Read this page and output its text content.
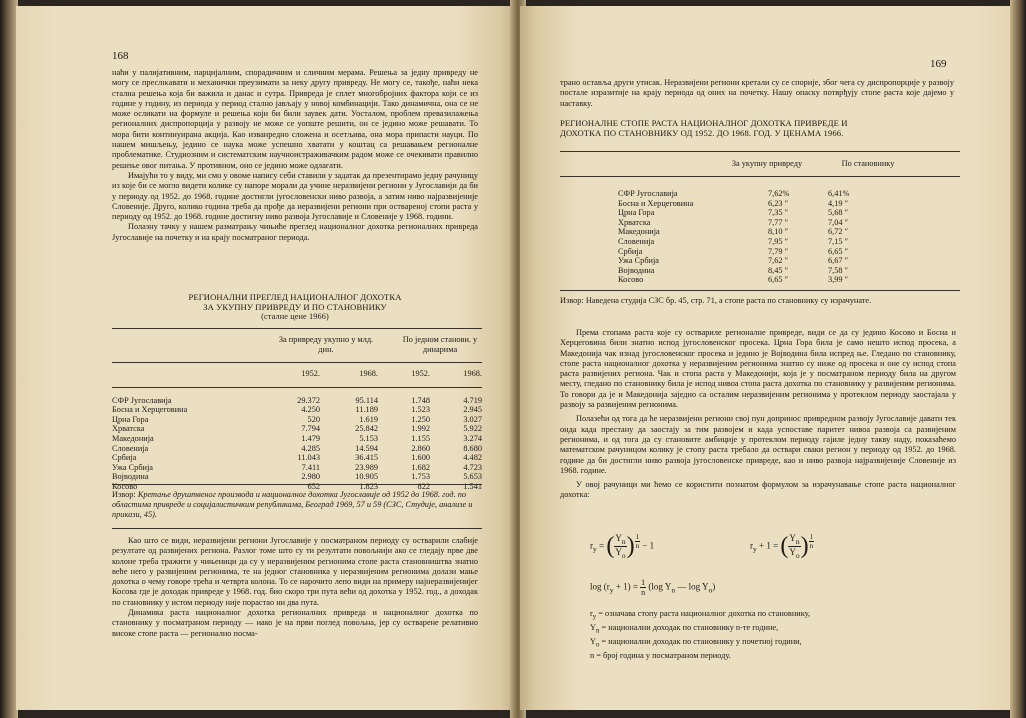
168

наћи у палијативним, парцијалним, спорадичним и сличним мерама. Решења за једну привреду не могу се преслικавати и механички преузимати за неку другу привреду. Не могу се, такође, наћи нека стална решења која би важила и данас и сутра. Привреда је сплет многобројних фактора који се из године у годину, из периода у период стално јављају у новој комбинацији. Тако динамична, она се не може осликати на формуле и решења који би били заувек дати. Уосталом, проблем превазилажења регионалних диспропорција у развоју не може се уопште решити, он се једино може решавати. То мора бити континуирана акција. Као изванредно сложена и осетљива, она мора припасти науци. По нашем мишљењу, једино се наука може успешно хватати у коштац са решавањем регионалне проблематике. Студиозним и систематским научноистраживачким радом може се очекивати правилно решење овог питања. У противном, оно се једино може одлагати.

Имајући то у виду, ми смо у овоме напису себи ставили у задатак да презентирамо једну рачуницу из које би се могло видети колике су напоре морали да учине неразвијени региони у Југославији да би у периоду од 1952. до 1968. године достигли југословенски ниво развоја, а затим ниво најразвијеније Словеније. Друго, колико година треба да прође да неразвијени региони при оствареној стопи раста у периоду од 1952. до 1968. године достигну ниво развоја Југославије и Словеније у 1968. години.

Полазну тачку у нашем разматрању чињиће преглед националног дохотка регионалних привреда Југославије на почетку и на крају посматраног периода.

РЕГИОНАЛНИ ПРЕГЛЕД НАЦИОНАЛНОГ ДОХОТКА
ЗА УКУПНУ ПРИВРЕДУ И ПО СТАНОВНИКУ
(сталне цене 1966)
За привреду укупно у млд. дин.
По једном станови. у динарима
	1952.	1968.	1952.	1968.

СФР Југославија	29.372	95.114	1.748	4.719
Босна и Херцеговина	4.250	11.189	1.523	2.945
Црна Гора	520	1.619	1.250	3.027
Хрватска	7.794	25.842	1.992	5.922
Македонија	1.479	5.153	1.155	3.274
Словенија	4.285	14.594	2.860	8.680
Србија	11.043	36.415	1.600	4.482
Ужа Србија	7.411	23.989	1.682	4.723
Војводина	2.980	10.905	1.753	5.653
Косово	652	1.823	822	1.541
Извор: Кретање друштвеног производа и националног дохотка Југославије од 1952 до 1968. год. по областима привреде и социјалистичким републикама, Београд 1969, 57 и 59 (СЗС, Студије, анализе и прикази, 45).

Као што се види, неразвијени региони Југославије у посматраном периоду су остварили слабије резултате од развијених регионa. Разлог томе што су ти резултати повољнији ако се гледају прве две колоне треба тражити у чињеници да су у неразвијеним регионима стопе раста становништва знатно веће него у развијеним регионима, те на једног становника у неразвијеним регионима долази мање дохотка о чему говоре трећа и четврта колона. То се нарочито лепо види на примеру најнеразвијенијег Косова где је доходак привреде у 1968. год. био скоро три пута већи од дохотка у 1952. год., а доходак по становнику у истом периоду није порастао ни два пута.

Динамика раста националног дохотка регионалних привреда и националног дохотка по становнику у посматраном периоду — иако је на први поглед повољна, јер су остварене релативно високе стопе раста — регионално посма-

169

трано оставља други утисак. Неразвијени региони кретали су се спорије, због чега су диспропорције у развоју постале изразитије на крају периода од оних на почетку. Нашу опаску потврђују стопе раста које дајемо у наставку.

РЕГИОНАЛНЕ СТОПЕ РАСТА НАЦИОНАЛНОГ ДОХОТКА ПРИВРЕДЕ И
ДОХОТКА ПО СТАНОВНИКУ ОД 1952. ДО 1968. ГОД. У ЦЕНАМА 1966.
За укупну привреду	По становнику
СФР Југославија	7,62%	6,41%
Босна и Херцеговина	6,23 ″	4,19 ″
Црна Гора	7,35 ″	5,68 ″
Хрватска	7,77 ″	7,04 ″
Македонија	8,10 ″	6,72 ″
Словенија	7,95 ″	7,15 ″
Србија	7,79 ″	6,65 ″
Ужа Србија	7,62 ″	6,67 ″
Војводина	8,45 ″	7,58 ″
Косово	6,65 ″	3,99 ″
Извор: Наведена студија СЗС бр. 45, стр. 71, а стопе раста по становнику су израчунате.

Према стопама раста које су оствариле регионалне привреде, види се да су једино Косово и Босна и Херцеговина били знатно испод југословенског просека. Црна Гора била је само нешто испод просека, а Македонија чак изнад југословенског просека и једино је Војводина била испред ње. Гледано по становнику, стопе раста националног дохотка у неразвијеним регионима знатно су ниже од просека и оне су испод стопа раста развијених региона. Чак и стопа раста у Македонији, која је у посматраном периоду била на другом месту, гледано по становнику била је испод нивоа стопа раста дохотка по становнику у развијеним регионима. То говори да је и Македонија заједно са осталим неразвијеним регионима у протеклом периоду заостајала у развоју за развијеним регионима.

Полазећи од тога да ће неразвијени региони свој пун допринос привредном развоју Југославије давати тек онда када престану да заостају за тим развојем и када успоставе паритет нивоа развоја са развијеним регионима, и од тога да су становите амбиције у протеклом периоду гајиле једну такву наду, показаћемо математском рачуницом колику је стопу раста требало да оствари сваки регион у периоду од 1952. до 1968. године да би достигли ниво развоја југословенске привреде, као и ниво развоја најразвијеније Словеније из 1968. године.

У овој рачуници ми ћемо се користити познатом формулом за израчунавање стопе раста националног дохотка:

$r_y$ = ( $\frac{Y_n}{Y_o}$ ) $\frac{1}{n} - 1$	$r_y + 1$ = ( $\frac{Y_n}{Y_o}$ ) $\frac{1}{n}$
$\log (r_y + 1) = \frac{1}{n} (\log$ $Y_n$ — $\log Y_o$)
$r_y$ = означава стопу раста националног дохотка по становнику,
$Y_n$ = национални доходак по становнику n-те године,
$Y_o$ = национални доходак по становнику у почетној години,
n = број година у посматраном периоду.
